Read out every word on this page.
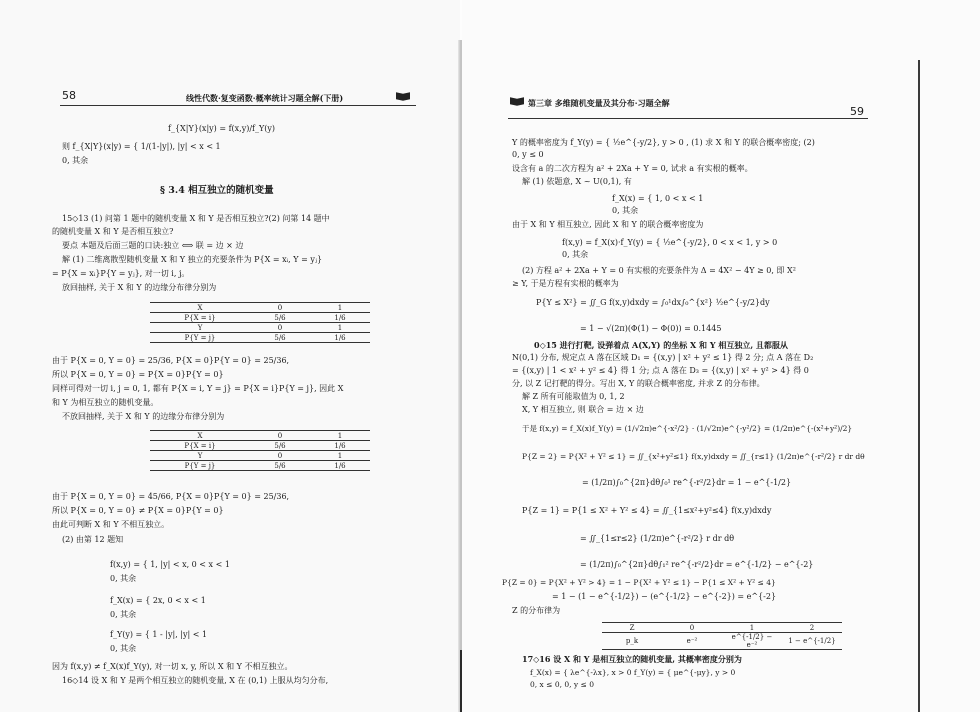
58	线性代数·复变函数·概率统计习题全解(下册)
f_{X|Y}(x|y) = f(x,y)/f_Y(y)
则 f_{X|Y}(x|y) = { 1/(1-|y|), |y| < x < 1
0, 其余
§ 3.4 相互独立的随机变量
15◇13 (1) 问第 1 题中的随机变量 X 和 Y 是否相互独立?(2) 问第 14 题中
的随机变量 X 和 Y 是否相互独立?
要点 本题及后面三题的口诀:独立 ⟺ 联 = 边 × 边
解 (1) 二维离散型随机变量 X 和 Y 独立的充要条件为 P{X = xᵢ, Y = yⱼ}
= P{X = xᵢ}P{Y = yⱼ}, 对一切 i, j。
放回抽样, 关于 X 和 Y 的边缘分布律分别为
X	0	1
P{X = i}	5/6	1/6
Y	0	1
P{Y = j}	5/6	1/6
由于 P{X = 0, Y = 0} = 25/36, P{X = 0}P{Y = 0} = 25/36,
所以 P{X = 0, Y = 0} = P{X = 0}P{Y = 0}
同样可得对一切 i, j = 0, 1, 都有 P{X = i, Y = j} = P{X = i}P{Y = j}, 因此 X
和 Y 为相互独立的随机变量。
不放回抽样, 关于 X 和 Y 的边缘分布律分别为
X	0	1
P{X = i}	5/6	1/6
Y	0	1
P{Y = j}	5/6	1/6
由于 P{X = 0, Y = 0} = 45/66, P{X = 0}P{Y = 0} = 25/36,
所以 P{X = 0, Y = 0} ≠ P{X = 0}P{Y = 0}
由此可判断 X 和 Y 不相互独立。
(2) 由第 12 题知
f(x,y) = { 1, |y| < x, 0 < x < 1
0, 其余
f_X(x) = { 2x, 0 < x < 1
0, 其余
f_Y(y) = { 1 - |y|, |y| < 1
0, 其余
因为 f(x,y) ≠ f_X(x)f_Y(y), 对一切 x, y, 所以 X 和 Y 不相互独立。
16◇14 设 X 和 Y 是两个相互独立的随机变量, X 在 (0,1) 上服从均匀分布,
第三章 多维随机变量及其分布·习题全解
59
Y 的概率密度为 f_Y(y) = { ½e^{-y/2}, y > 0 , (1) 求 X 和 Y 的联合概率密度; (2)
0, y ≤ 0
设含有 a 的二次方程为 a² + 2Xa + Y = 0, 试求 a 有实根的概率。
解 (1) 依题意, X ~ U(0,1), 有
f_X(x) = { 1, 0 < x < 1
0, 其余
由于 X 和 Y 相互独立, 因此 X 和 Y 的联合概率密度为
f(x,y) = f_X(x)·f_Y(y) = { ½e^{-y/2}, 0 < x < 1, y > 0
0, 其余
(2) 方程 a² + 2Xa + Y = 0 有实根的充要条件为 Δ = 4X² − 4Y ≥ 0, 即 X²
≥ Y, 于是方程有实根的概率为
P{Y ≤ X²} = ∬_G f(x,y)dxdy = ∫₀¹dx∫₀^{x²} ½e^{-y/2}dy
= 1 − √(2π)(Φ(1) − Φ(0)) = 0.1445
0◇15 进行打靶, 设弹着点 A(X,Y) 的坐标 X 和 Y 相互独立, 且都服从
N(0,1) 分布, 规定点 A 落在区域 D₁ = {(x,y) | x² + y² ≤ 1} 得 2 分; 点 A 落在 D₂
= {(x,y) | 1 < x² + y² ≤ 4} 得 1 分; 点 A 落在 D₃ = {(x,y) | x² + y² > 4} 得 0
分, 以 Z 记打靶的得分。写出 X, Y 的联合概率密度, 并求 Z 的分布律。
解 Z 所有可能取值为 0, 1, 2
X, Y 相互独立, 则 联合 = 边 × 边
于是 f(x,y) = f_X(x)f_Y(y) = (1/√2π)e^{-x²/2} · (1/√2π)e^{-y²/2} = (1/2π)e^{-(x²+y²)/2}
P{Z = 2} = P{X² + Y² ≤ 1} = ∬_{x²+y²≤1} f(x,y)dxdy = ∬_{r≤1} (1/2π)e^{-r²/2} r dr dθ
= (1/2π)∫₀^{2π}dθ∫₀¹ re^{-r²/2}dr = 1 − e^{-1/2}
P{Z = 1} = P{1 ≤ X² + Y² ≤ 4} = ∬_{1≤x²+y²≤4} f(x,y)dxdy
= ∬_{1≤r≤2} (1/2π)e^{-r²/2} r dr dθ
= (1/2π)∫₀^{2π}dθ∫₁² re^{-r²/2}dr = e^{-1/2} − e^{-2}
P{Z = 0} = P{X² + Y² > 4} = 1 − P{X² + Y² ≤ 1} − P{1 ≤ X² + Y² ≤ 4}
= 1 − (1 − e^{-1/2}) − (e^{-1/2} − e^{-2}) = e^{-2}
Z 的分布律为
Z	0	1	2
p_k	e⁻²	e^{-1/2} − e⁻²	1 − e^{-1/2}
17◇16 设 X 和 Y 是相互独立的随机变量, 其概率密度分别为
f_X(x) = { λe^{-λx}, x > 0 f_Y(y) = { μe^{-μy}, y > 0
0, x ≤ 0, 0, y ≤ 0
